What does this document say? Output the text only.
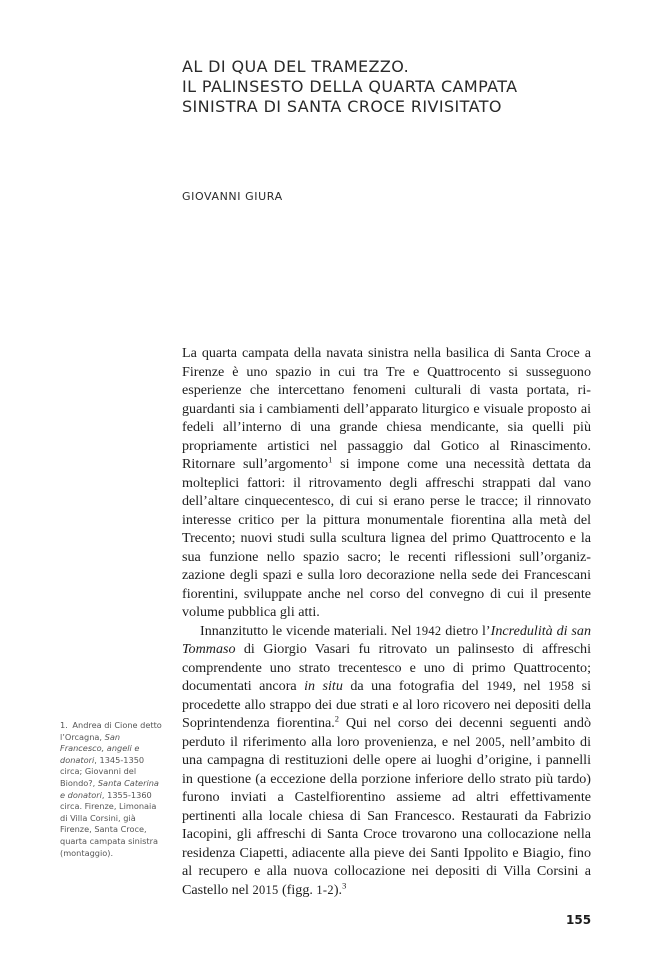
AL DI QUA DEL TRAMEZZO.
IL PALINSESTO DELLA QUARTA CAMPATA
SINISTRA DI SANTA CROCE RIVISITATO
GIOVANNI GIURA

La quarta campata della navata sinistra nella basilica di Santa Croce a Firenze è uno spazio in cui tra Tre e Quattrocento si susseguono esperienze che intercettano fenomeni culturali di vasta portata, riguardanti sia i cambiamenti dell’apparato liturgico e visuale proposto ai fedeli all’interno di una grande chiesa mendicante, sia quelli più propriamente artistici nel passaggio dal Gotico al Rinascimento. Ritornare sull’argomento$^1$ si impone come una necessità dettata da molteplici fattori: il ritrovamento degli affreschi strappati dal vano dell’altare cinquecentesco, di cui si erano perse le tracce; il rinnovato interesse critico per la pittura monumentale fiorentina alla metà del Trecento; nuovi studi sulla scultura lignea del primo Quattrocento e la sua funzione nello spazio sacro; le recenti riflessioni sull’organizzazione degli spazi e sulla loro decorazione nella sede dei Francescani fiorentini, sviluppate anche nel corso del convegno di cui il presente volume pubblica gli atti.

Innanzitutto le vicende materiali. Nel 1942 dietro l’Incredulità di san Tommaso di Giorgio Vasari fu ritrovato un palinsesto di affreschi comprendente uno strato trecentesco e uno di primo Quattrocento; documentati ancora in situ da una fotografia del 1949, nel 1958 si procedette allo strappo dei due strati e al loro ricovero nei depositi della Soprintendenza fiorentina.$^2$ Qui nel corso dei decenni seguenti andò perduto il riferimento alla loro provenienza, e nel 2005, nell’ambito di una campagna di restituzioni delle opere ai luoghi d’origine, i pannelli in questione (a eccezione della porzione inferiore dello strato più tardo) furono inviati a Castelfiorentino assieme ad altri effettivamente pertinenti alla locale chiesa di San Francesco. Restaurati da Fabrizio Iacopini, gli affreschi di Santa Croce trovarono una collocazione nella residenza Ciapetti, adiacente alla pieve dei Santi Ippolito e Biagio, fino al recupero e alla nuova collocazione nei depositi di Villa Corsini a Castello nel 2015 (figg. 1-2).$^3$

1. Andrea di Cione detto l’Orcagna, San Francesco, angeli e donatori, 1345-1350 circa; Giovanni del Biondo?, Santa Caterina e donatori, 1355-1360 circa. Firenze, Limonaia di Villa Corsini, già Firenze, Santa Croce, quarta campata sinistra (montaggio).
155
